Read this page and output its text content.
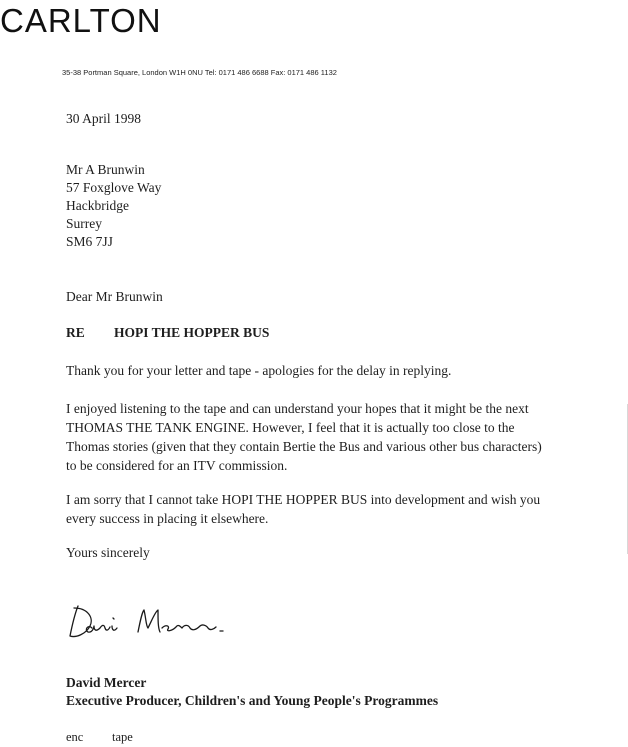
CARLTON
35-38 Portman Square, London W1H 0NU Tel: 0171 486 6688 Fax: 0171 486 1132
30 April 1998
Mr A Brunwin
57 Foxglove Way
Hackbridge
Surrey
SM6 7JJ
Dear Mr Brunwin
RE HOPI THE HOPPER BUS
Thank you for your letter and tape - apologies for the delay in replying.
I enjoyed listening to the tape and can understand your hopes that it might be the next
THOMAS THE TANK ENGINE. However, I feel that it is actually too close to the
Thomas stories (given that they contain Bertie the Bus and various other bus characters)
to be considered for an ITV commission.
I am sorry that I cannot take HOPI THE HOPPER BUS into development and wish you
every success in placing it elsewhere.
Yours sincerely
David Mercer
Executive Producer, Children's and Young People's Programmes
enc tape
